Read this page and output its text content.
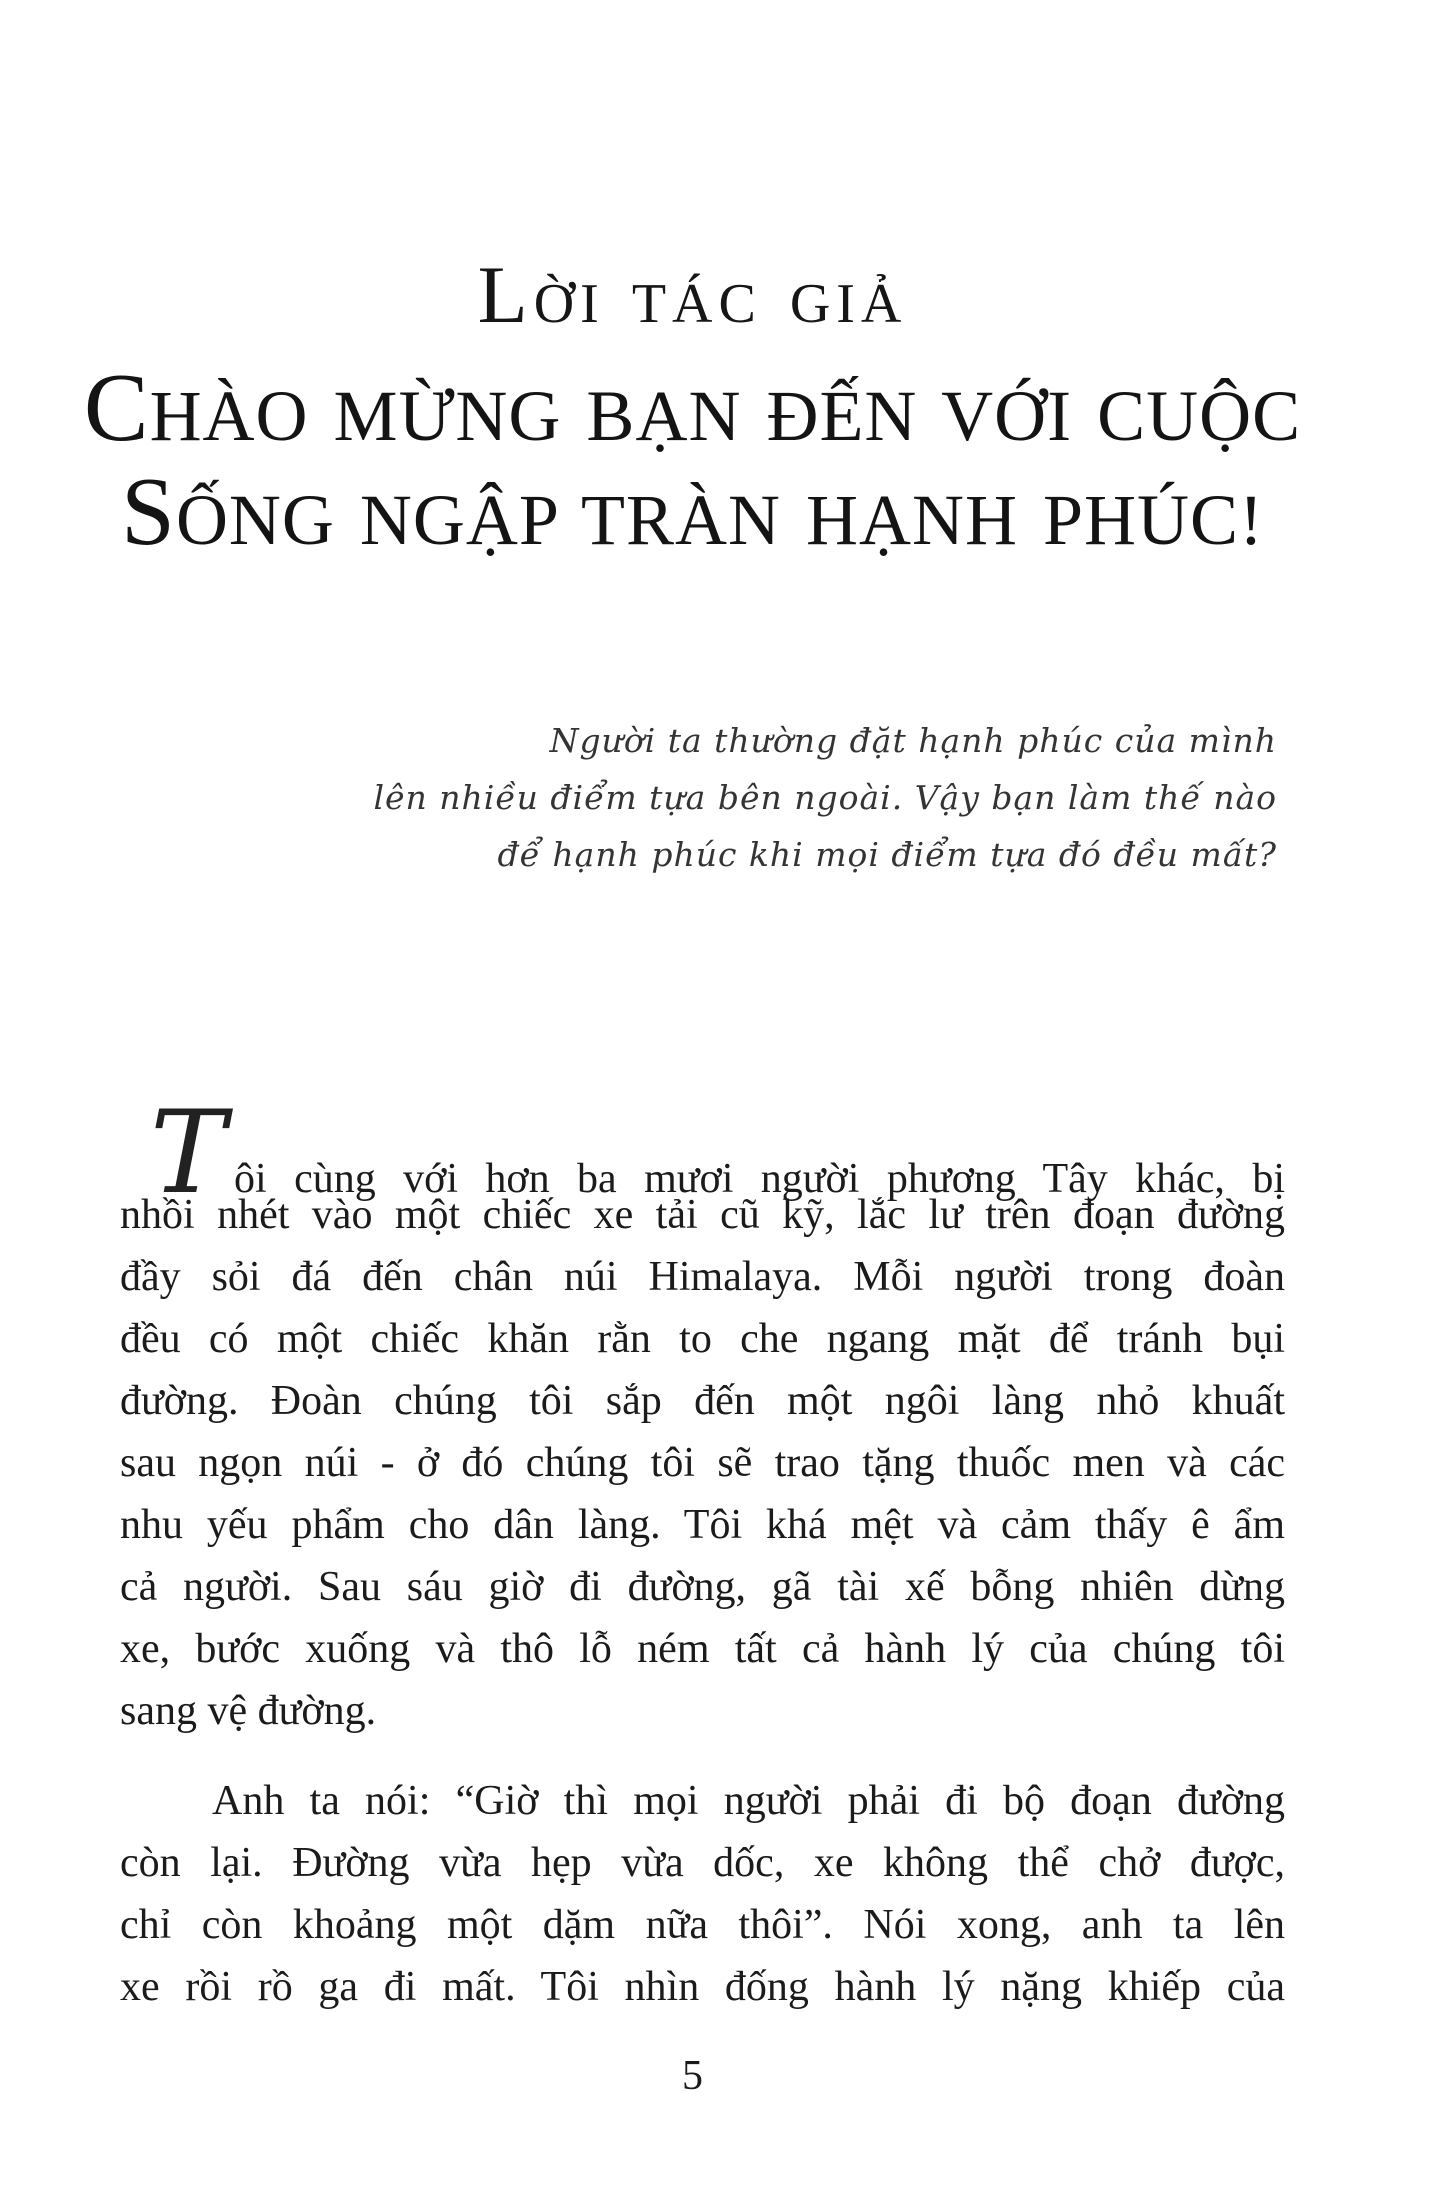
LỜI TÁC GIẢ
CHÀO MỪNG BẠN ĐẾN VỚI CUỘC
SỐNG NGẬP TRÀN HẠNH PHÚC!
Người ta thường đặt hạnh phúc của mình
lên nhiều điểm tựa bên ngoài. Vậy bạn làm thế nào
để hạnh phúc khi mọi điểm tựa đó đều mất?
Tôi cùng với hơn ba mươi người phương Tây khác, bị
nhồi nhét vào một chiếc xe tải cũ kỹ, lắc lư trên đoạn đường
đầy sỏi đá đến chân núi Himalaya. Mỗi người trong đoàn
đều có một chiếc khăn rằn to che ngang mặt để tránh bụi
đường. Đoàn chúng tôi sắp đến một ngôi làng nhỏ khuất
sau ngọn núi - ở đó chúng tôi sẽ trao tặng thuốc men và các
nhu yếu phẩm cho dân làng. Tôi khá mệt và cảm thấy ê ẩm
cả người. Sau sáu giờ đi đường, gã tài xế bỗng nhiên dừng
xe, bước xuống và thô lỗ ném tất cả hành lý của chúng tôi
sang vệ đường.
Anh ta nói: “Giờ thì mọi người phải đi bộ đoạn đường
còn lại. Đường vừa hẹp vừa dốc, xe không thể chở được,
chỉ còn khoảng một dặm nữa thôi”. Nói xong, anh ta lên
xe rồi rồ ga đi mất. Tôi nhìn đống hành lý nặng khiếp của
5
